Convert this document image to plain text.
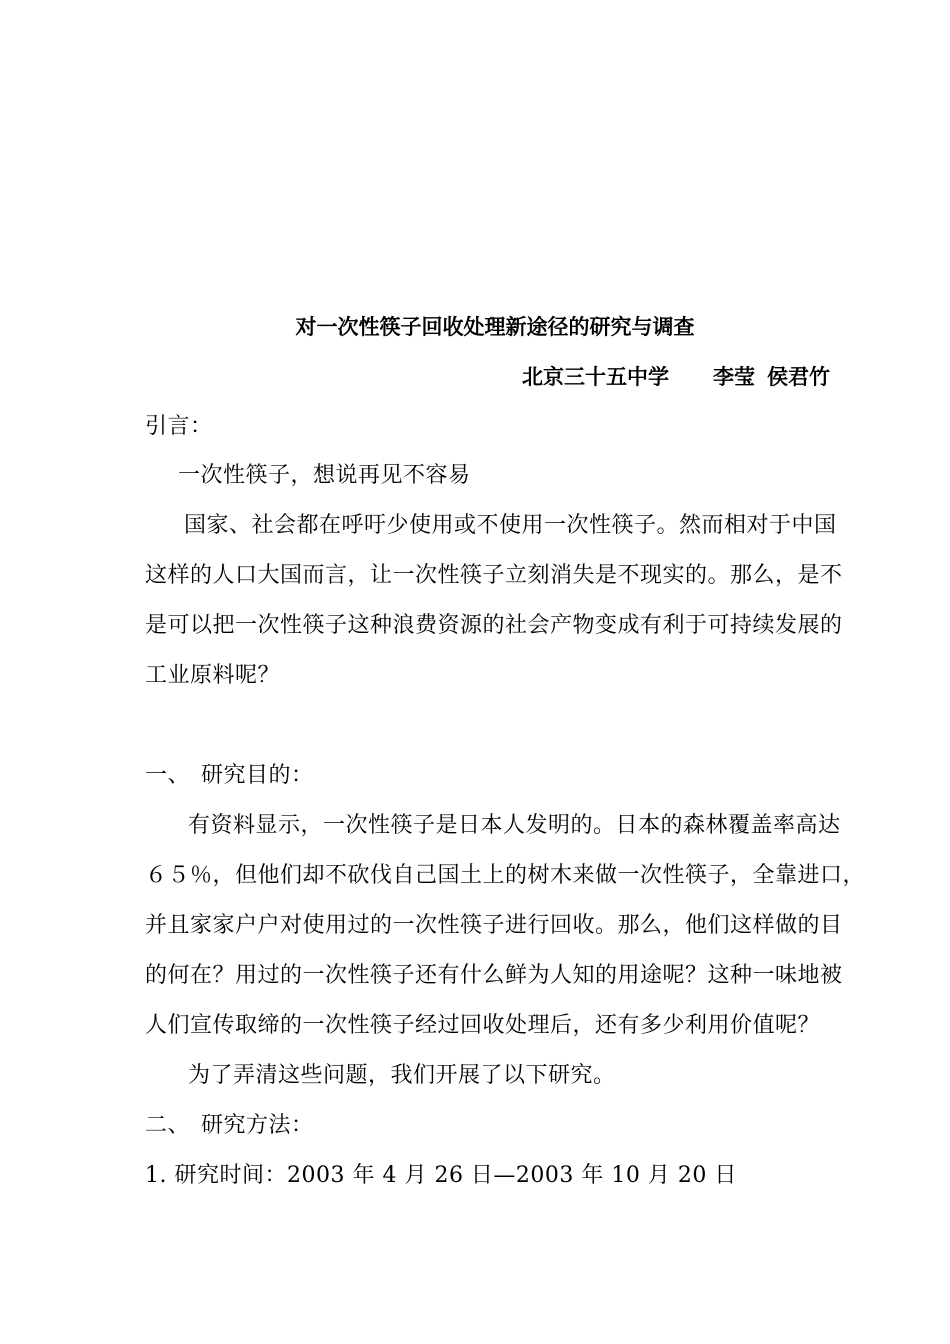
对一次性筷子回收处理新途径的研究与调查
北京三十五中学 李莹 侯君竹
引言：
一次性筷子，想说再见不容易
国家、社会都在呼吁少使用或不使用一次性筷子。然而相对于中国
这样的人口大国而言，让一次性筷子立刻消失是不现实的。那么，是不
是可以把一次性筷子这种浪费资源的社会产物变成有利于可持续发展的
工业原料呢？
一、 研究目的：
有资料显示，一次性筷子是日本人发明的。日本的森林覆盖率高达
６５％，但他们却不砍伐自己国土上的树木来做一次性筷子，全靠进口，
并且家家户户对使用过的一次性筷子进行回收。那么，他们这样做的目
的何在？用过的一次性筷子还有什么鲜为人知的用途呢？这种一味地被
人们宣传取缔的一次性筷子经过回收处理后，还有多少利用价值呢？
为了弄清这些问题，我们开展了以下研究。
二、 研究方法：
1. 研究时间：2003 年 4 月 26 日—2003 年 10 月 20 日
